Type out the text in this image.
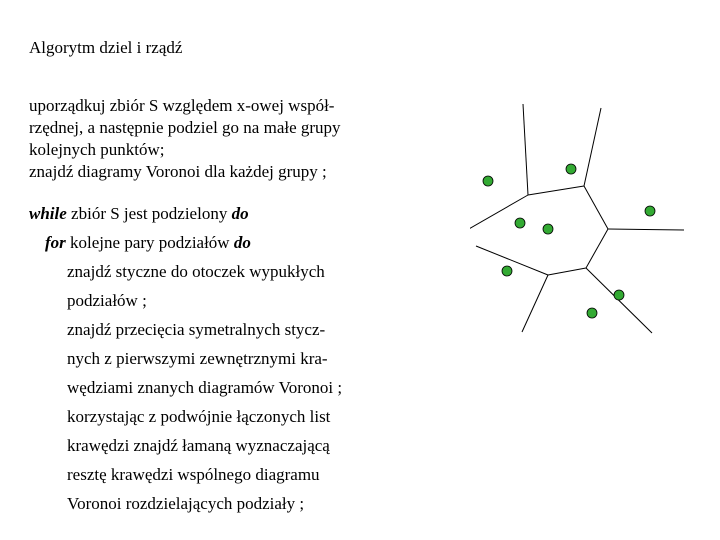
Algorytm dziel i rządź

uporządkuj zbiór S względem x-owej współ-

rzędnej, a następnie podziel go na małe grupy

kolejnych punktów;

znajdź diagramy Voronoi dla każdej grupy ;

while zbiór S jest podzielony do
for kolejne pary podziałów do
znajdź styczne do otoczek wypukłych
podziałów ;
znajdź przecięcia symetralnych stycz-
nych z pierwszymi zewnętrznymi kra-
wędziami znanych diagramów Voronoi ;
korzystając z podwójnie łączonych list
krawędzi znajdź łamaną wyznaczającą
resztę krawędzi wspólnego diagramu
Voronoi rozdzielających podziały ;
